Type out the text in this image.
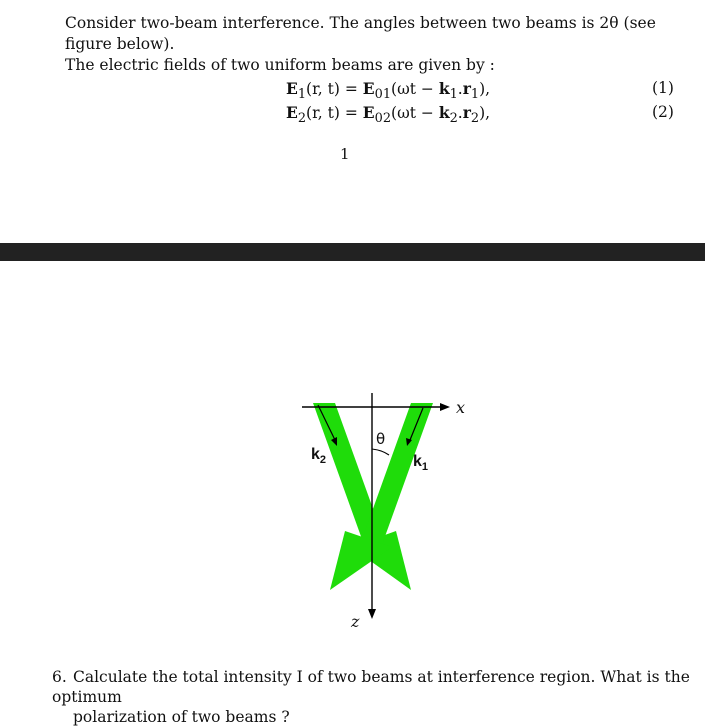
Consider two-beam interference. The angles between two beams is 2θ (see figure below).
The electric fields of two uniform beams are given by :
$E_1(r$, $t) = E_{01}(\omega t - k_1.r_1)$,	(1)
$E_2(r$, $t) = E_{02}(\omega t - k_2.r_2)$,	(2)
1
x
z
θ
$k_2$	$k_1$
6. Calculate the total intensity I of two beams at interference region. What is the optimum
polarization of two beams ?
